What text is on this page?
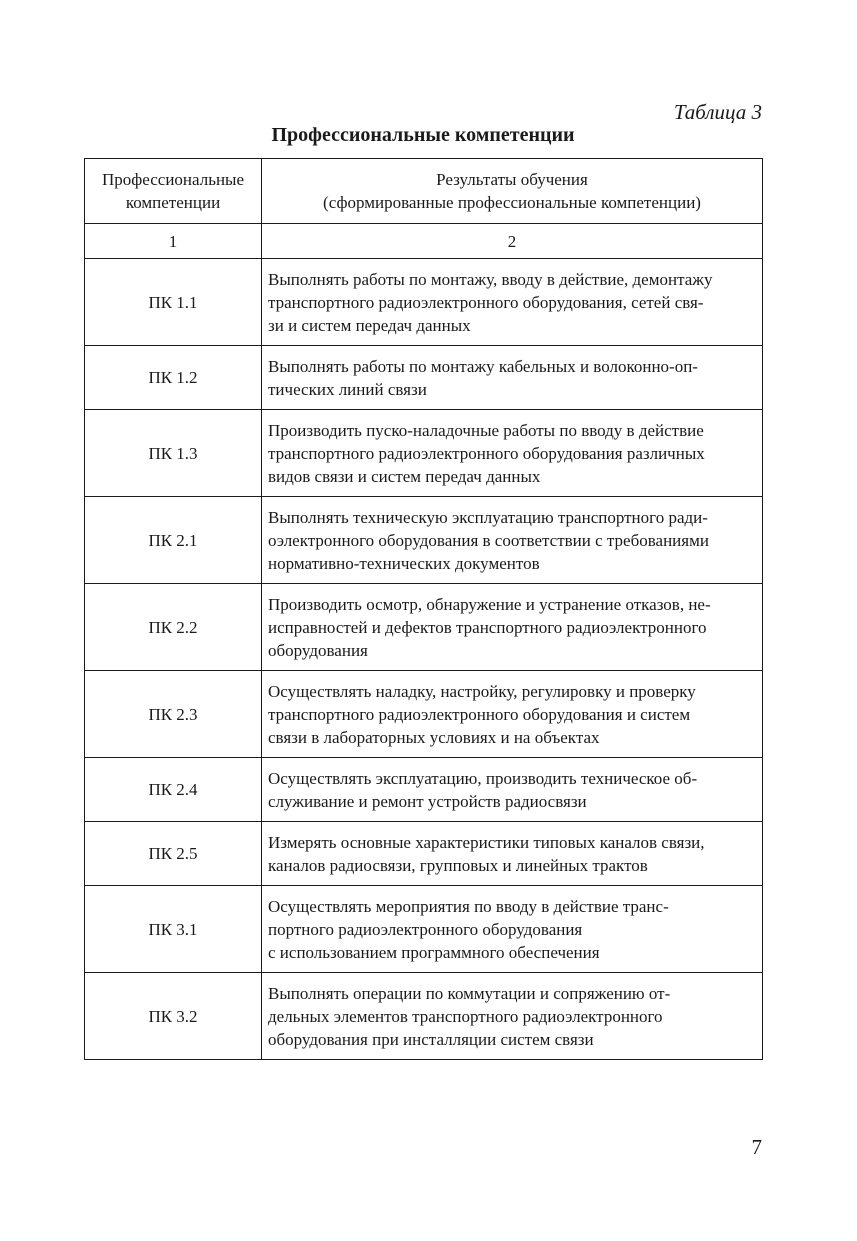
Таблица 3
Профессиональные компетенции
Профессиональные
компетенции	Результаты обучения
(сформированные профессиональные компетенции)
1	2
ПК 1.1	Выполнять работы по монтажу, вводу в действие, демонтажу
транспортного радиоэлектронного оборудования, сетей свя-
зи и систем передач данных
ПК 1.2	Выполнять работы по монтажу кабельных и волоконно-оп-
тических линий связи
ПК 1.3	Производить пуско-наладочные работы по вводу в действие
транспортного радиоэлектронного оборудования различных
видов связи и систем передач данных
ПК 2.1	Выполнять техническую эксплуатацию транспортного ради-
оэлектронного оборудования в соответствии с требованиями
нормативно-технических документов
ПК 2.2	Производить осмотр, обнаружение и устранение отказов, не-
исправностей и дефектов транспортного радиоэлектронного
оборудования
ПК 2.3	Осуществлять наладку, настройку, регулировку и проверку
транспортного радиоэлектронного оборудования и систем
связи в лабораторных условиях и на объектах
ПК 2.4	Осуществлять эксплуатацию, производить техническое об-
служивание и ремонт устройств радиосвязи
ПК 2.5	Измерять основные характеристики типовых каналов связи,
каналов радиосвязи, групповых и линейных трактов
ПК 3.1	Осуществлять мероприятия по вводу в действие транс-
портного радиоэлектронного оборудования
с использованием программного обеспечения
ПК 3.2	Выполнять операции по коммутации и сопряжению от-
дельных элементов транспортного радиоэлектронного
оборудования при инсталляции систем связи
7
